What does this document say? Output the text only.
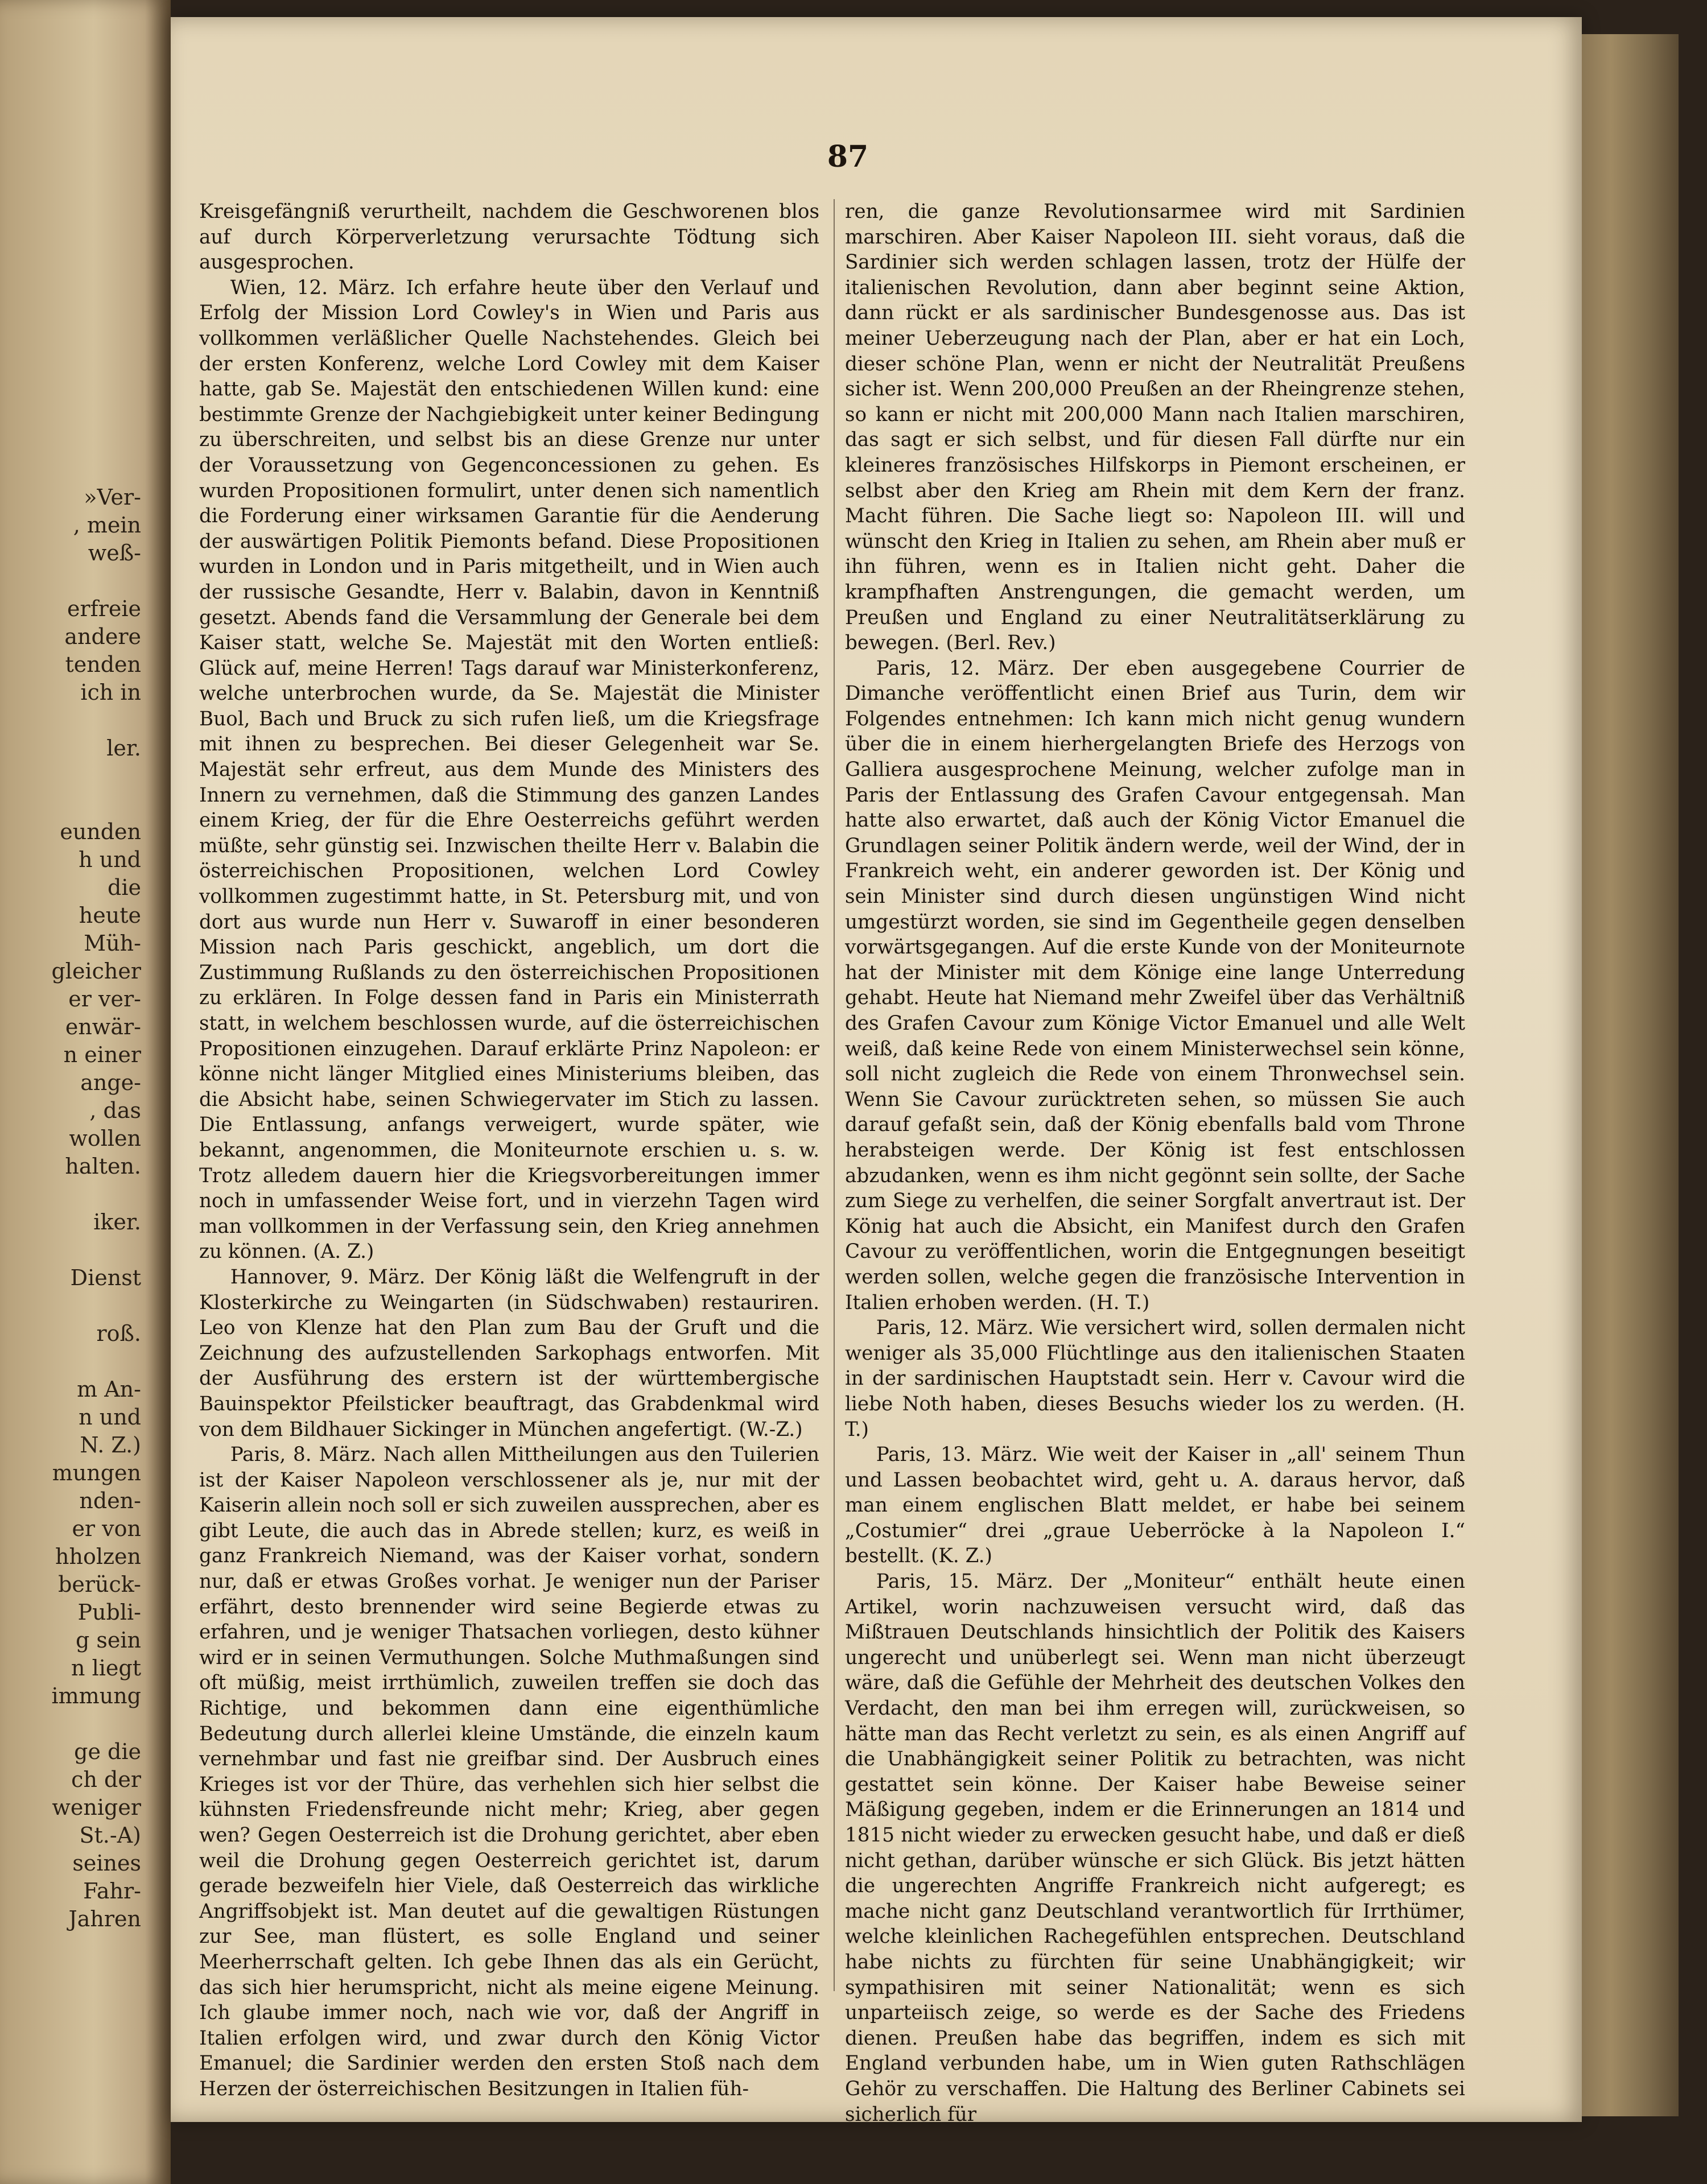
»Ver-
, mein
weß-

erfreie
andere
tenden
ich in

ler.

eunden
h und
die
heute
Müh-
gleicher
er ver-
enwär-
n einer
ange-
, das
wollen
halten.

iker.

Dienst

roß.

m An-
n und
N. Z.)
mungen
nden-
er von
hholzen
berück-
Publi-
g sein
n liegt
immung

ge die
ch der
weniger
St.-A)
seines
Fahr-
Jahren
87

Kreisgefängniß verurtheilt, nachdem die Geschworenen blos auf durch Körperverletzung verursachte Tödtung sich ausgesprochen.

Wien, 12. März. Ich erfahre heute über den Verlauf und Erfolg der Mission Lord Cowley's in Wien und Paris aus vollkommen verläßlicher Quelle Nachstehendes. Gleich bei der ersten Konferenz, welche Lord Cowley mit dem Kaiser hatte, gab Se. Majestät den entschiedenen Willen kund: eine bestimmte Grenze der Nachgiebigkeit unter keiner Bedingung zu überschreiten, und selbst bis an diese Grenze nur unter der Voraussetzung von Gegenconcessionen zu gehen. Es wurden Propositionen formulirt, unter denen sich namentlich die Forderung einer wirksamen Garantie für die Aenderung der auswärtigen Politik Piemonts befand. Diese Propositionen wurden in London und in Paris mitgetheilt, und in Wien auch der russische Gesandte, Herr v. Balabin, davon in Kenntniß gesetzt. Abends fand die Versammlung der Generale bei dem Kaiser statt, welche Se. Majestät mit den Worten entließ: Glück auf, meine Herren! Tags darauf war Ministerkonferenz, welche unterbrochen wurde, da Se. Majestät die Minister Buol, Bach und Bruck zu sich rufen ließ, um die Kriegsfrage mit ihnen zu besprechen. Bei dieser Gelegenheit war Se. Majestät sehr erfreut, aus dem Munde des Ministers des Innern zu vernehmen, daß die Stimmung des ganzen Landes einem Krieg, der für die Ehre Oesterreichs geführt werden müßte, sehr günstig sei. Inzwischen theilte Herr v. Balabin die österreichischen Propositionen, welchen Lord Cowley vollkommen zugestimmt hatte, in St. Petersburg mit, und von dort aus wurde nun Herr v. Suwaroff in einer besonderen Mission nach Paris geschickt, angeblich, um dort die Zustimmung Rußlands zu den österreichischen Propositionen zu erklären. In Folge dessen fand in Paris ein Ministerrath statt, in welchem beschlossen wurde, auf die österreichischen Propositionen einzugehen. Darauf erklärte Prinz Napoleon: er könne nicht länger Mitglied eines Ministeriums bleiben, das die Absicht habe, seinen Schwiegervater im Stich zu lassen. Die Entlassung, anfangs verweigert, wurde später, wie bekannt, angenommen, die Moniteurnote erschien u. s. w. Trotz alledem dauern hier die Kriegsvorbereitungen immer noch in umfassender Weise fort, und in vierzehn Tagen wird man vollkommen in der Verfassung sein, den Krieg annehmen zu können. (A. Z.)

Hannover, 9. März. Der König läßt die Welfengruft in der Klosterkirche zu Weingarten (in Südschwaben) restauriren. Leo von Klenze hat den Plan zum Bau der Gruft und die Zeichnung des aufzustellenden Sarkophags entworfen. Mit der Ausführung des erstern ist der württembergische Bauinspektor Pfeilsticker beauftragt, das Grabdenkmal wird von dem Bildhauer Sickinger in München angefertigt. (W.-Z.)

Paris, 8. März. Nach allen Mittheilungen aus den Tuilerien ist der Kaiser Napoleon verschlossener als je, nur mit der Kaiserin allein noch soll er sich zuweilen aussprechen, aber es gibt Leute, die auch das in Abrede stellen; kurz, es weiß in ganz Frankreich Niemand, was der Kaiser vorhat, sondern nur, daß er etwas Großes vorhat. Je weniger nun der Pariser erfährt, desto brennender wird seine Begierde etwas zu erfahren, und je weniger Thatsachen vorliegen, desto kühner wird er in seinen Vermuthungen. Solche Muthmaßungen sind oft müßig, meist irrthümlich, zuweilen treffen sie doch das Richtige, und bekommen dann eine eigenthümliche Bedeutung durch allerlei kleine Umstände, die einzeln kaum vernehmbar und fast nie greifbar sind. Der Ausbruch eines Krieges ist vor der Thüre, das verhehlen sich hier selbst die kühnsten Friedensfreunde nicht mehr; Krieg, aber gegen wen? Gegen Oesterreich ist die Drohung gerichtet, aber eben weil die Drohung gegen Oesterreich gerichtet ist, darum gerade bezweifeln hier Viele, daß Oesterreich das wirkliche Angriffsobjekt ist. Man deutet auf die gewaltigen Rüstungen zur See, man flüstert, es solle England und seiner Meerherrschaft gelten. Ich gebe Ihnen das als ein Gerücht, das sich hier herumspricht, nicht als meine eigene Meinung. Ich glaube immer noch, nach wie vor, daß der Angriff in Italien erfolgen wird, und zwar durch den König Victor Emanuel; die Sardinier werden den ersten Stoß nach dem Herzen der österreichischen Besitzungen in Italien füh-

ren, die ganze Revolutionsarmee wird mit Sardinien marschiren. Aber Kaiser Napoleon III. sieht voraus, daß die Sardinier sich werden schlagen lassen, trotz der Hülfe der italienischen Revolution, dann aber beginnt seine Aktion, dann rückt er als sardinischer Bundesgenosse aus. Das ist meiner Ueberzeugung nach der Plan, aber er hat ein Loch, dieser schöne Plan, wenn er nicht der Neutralität Preußens sicher ist. Wenn 200,000 Preußen an der Rheingrenze stehen, so kann er nicht mit 200,000 Mann nach Italien marschiren, das sagt er sich selbst, und für diesen Fall dürfte nur ein kleineres französisches Hilfskorps in Piemont erscheinen, er selbst aber den Krieg am Rhein mit dem Kern der franz. Macht führen. Die Sache liegt so: Napoleon III. will und wünscht den Krieg in Italien zu sehen, am Rhein aber muß er ihn führen, wenn es in Italien nicht geht. Daher die krampfhaften Anstrengungen, die gemacht werden, um Preußen und England zu einer Neutralitätserklärung zu bewegen. (Berl. Rev.)

Paris, 12. März. Der eben ausgegebene Courrier de Dimanche veröffentlicht einen Brief aus Turin, dem wir Folgendes entnehmen: Ich kann mich nicht genug wundern über die in einem hierhergelangten Briefe des Herzogs von Galliera ausgesprochene Meinung, welcher zufolge man in Paris der Entlassung des Grafen Cavour entgegensah. Man hatte also erwartet, daß auch der König Victor Emanuel die Grundlagen seiner Politik ändern werde, weil der Wind, der in Frankreich weht, ein anderer geworden ist. Der König und sein Minister sind durch diesen ungünstigen Wind nicht umgestürzt worden, sie sind im Gegentheile gegen denselben vorwärtsgegangen. Auf die erste Kunde von der Moniteurnote hat der Minister mit dem Könige eine lange Unterredung gehabt. Heute hat Niemand mehr Zweifel über das Verhältniß des Grafen Cavour zum Könige Victor Emanuel und alle Welt weiß, daß keine Rede von einem Ministerwechsel sein könne, soll nicht zugleich die Rede von einem Thronwechsel sein. Wenn Sie Cavour zurücktreten sehen, so müssen Sie auch darauf gefaßt sein, daß der König ebenfalls bald vom Throne herabsteigen werde. Der König ist fest entschlossen abzudanken, wenn es ihm nicht gegönnt sein sollte, der Sache zum Siege zu verhelfen, die seiner Sorgfalt anvertraut ist. Der König hat auch die Absicht, ein Manifest durch den Grafen Cavour zu veröffentlichen, worin die Entgegnungen beseitigt werden sollen, welche gegen die französische Intervention in Italien erhoben werden. (H. T.)

Paris, 12. März. Wie versichert wird, sollen dermalen nicht weniger als 35,000 Flüchtlinge aus den italienischen Staaten in der sardinischen Hauptstadt sein. Herr v. Cavour wird die liebe Noth haben, dieses Besuchs wieder los zu werden. (H. T.)

Paris, 13. März. Wie weit der Kaiser in „all' seinem Thun und Lassen beobachtet wird, geht u. A. daraus hervor, daß man einem englischen Blatt meldet, er habe bei seinem „Costumier“ drei „graue Ueberröcke à la Napoleon I.“ bestellt. (K. Z.)

Paris, 15. März. Der „Moniteur“ enthält heute einen Artikel, worin nachzuweisen versucht wird, daß das Mißtrauen Deutschlands hinsichtlich der Politik des Kaisers ungerecht und unüberlegt sei. Wenn man nicht überzeugt wäre, daß die Gefühle der Mehrheit des deutschen Volkes den Verdacht, den man bei ihm erregen will, zurückweisen, so hätte man das Recht verletzt zu sein, es als einen Angriff auf die Unabhängigkeit seiner Politik zu betrachten, was nicht gestattet sein könne. Der Kaiser habe Beweise seiner Mäßigung gegeben, indem er die Erinnerungen an 1814 und 1815 nicht wieder zu erwecken gesucht habe, und daß er dieß nicht gethan, darüber wünsche er sich Glück. Bis jetzt hätten die ungerechten Angriffe Frankreich nicht aufgeregt; es mache nicht ganz Deutschland verantwortlich für Irrthümer, welche kleinlichen Rachegefühlen entsprechen. Deutschland habe nichts zu fürchten für seine Unabhängigkeit; wir sympathisiren mit seiner Nationalität; wenn es sich unparteiisch zeige, so werde es der Sache des Friedens dienen. Preußen habe das begriffen, indem es sich mit England verbunden habe, um in Wien guten Rathschlägen Gehör zu verschaffen. Die Haltung des Berliner Cabinets sei sicherlich für
